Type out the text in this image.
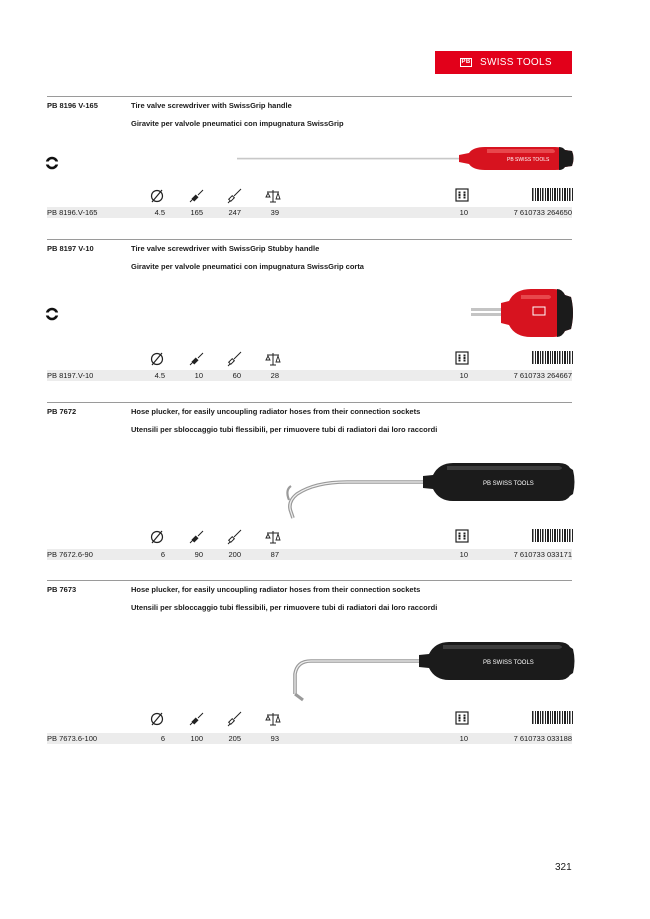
PB SWISS TOOLS
PB 8196 V-165	Tire valve screwdriver with SwissGrip handle
Giravite per valvole pneumatici con impugnatura SwissGrip
PB SWISS TOOLS
PB 8196.V-165	4.5	165	247	39	10	7 610733 264650
PB 8197 V-10	Tire valve screwdriver with SwissGrip Stubby handle
Giravite per valvole pneumatici con impugnatura SwissGrip corta
PB 8197.V-10	4.5	10	60	28	10	7 610733 264667
PB 7672	Hose plucker, for easily uncoupling radiator hoses from their connection sockets
Utensili per sbloccaggio tubi flessibili, per rimuovere tubi di radiatori dai loro raccordi
PB SWISS TOOLS
PB 7672.6-90	6	90	200	87	10	7 610733 033171
PB 7673	Hose plucker, for easily uncoupling radiator hoses from their connection sockets
Utensili per sbloccaggio tubi flessibili, per rimuovere tubi di radiatori dai loro raccordi
PB SWISS TOOLS
PB 7673.6-100	6	100	205	93	10	7 610733 033188
321
